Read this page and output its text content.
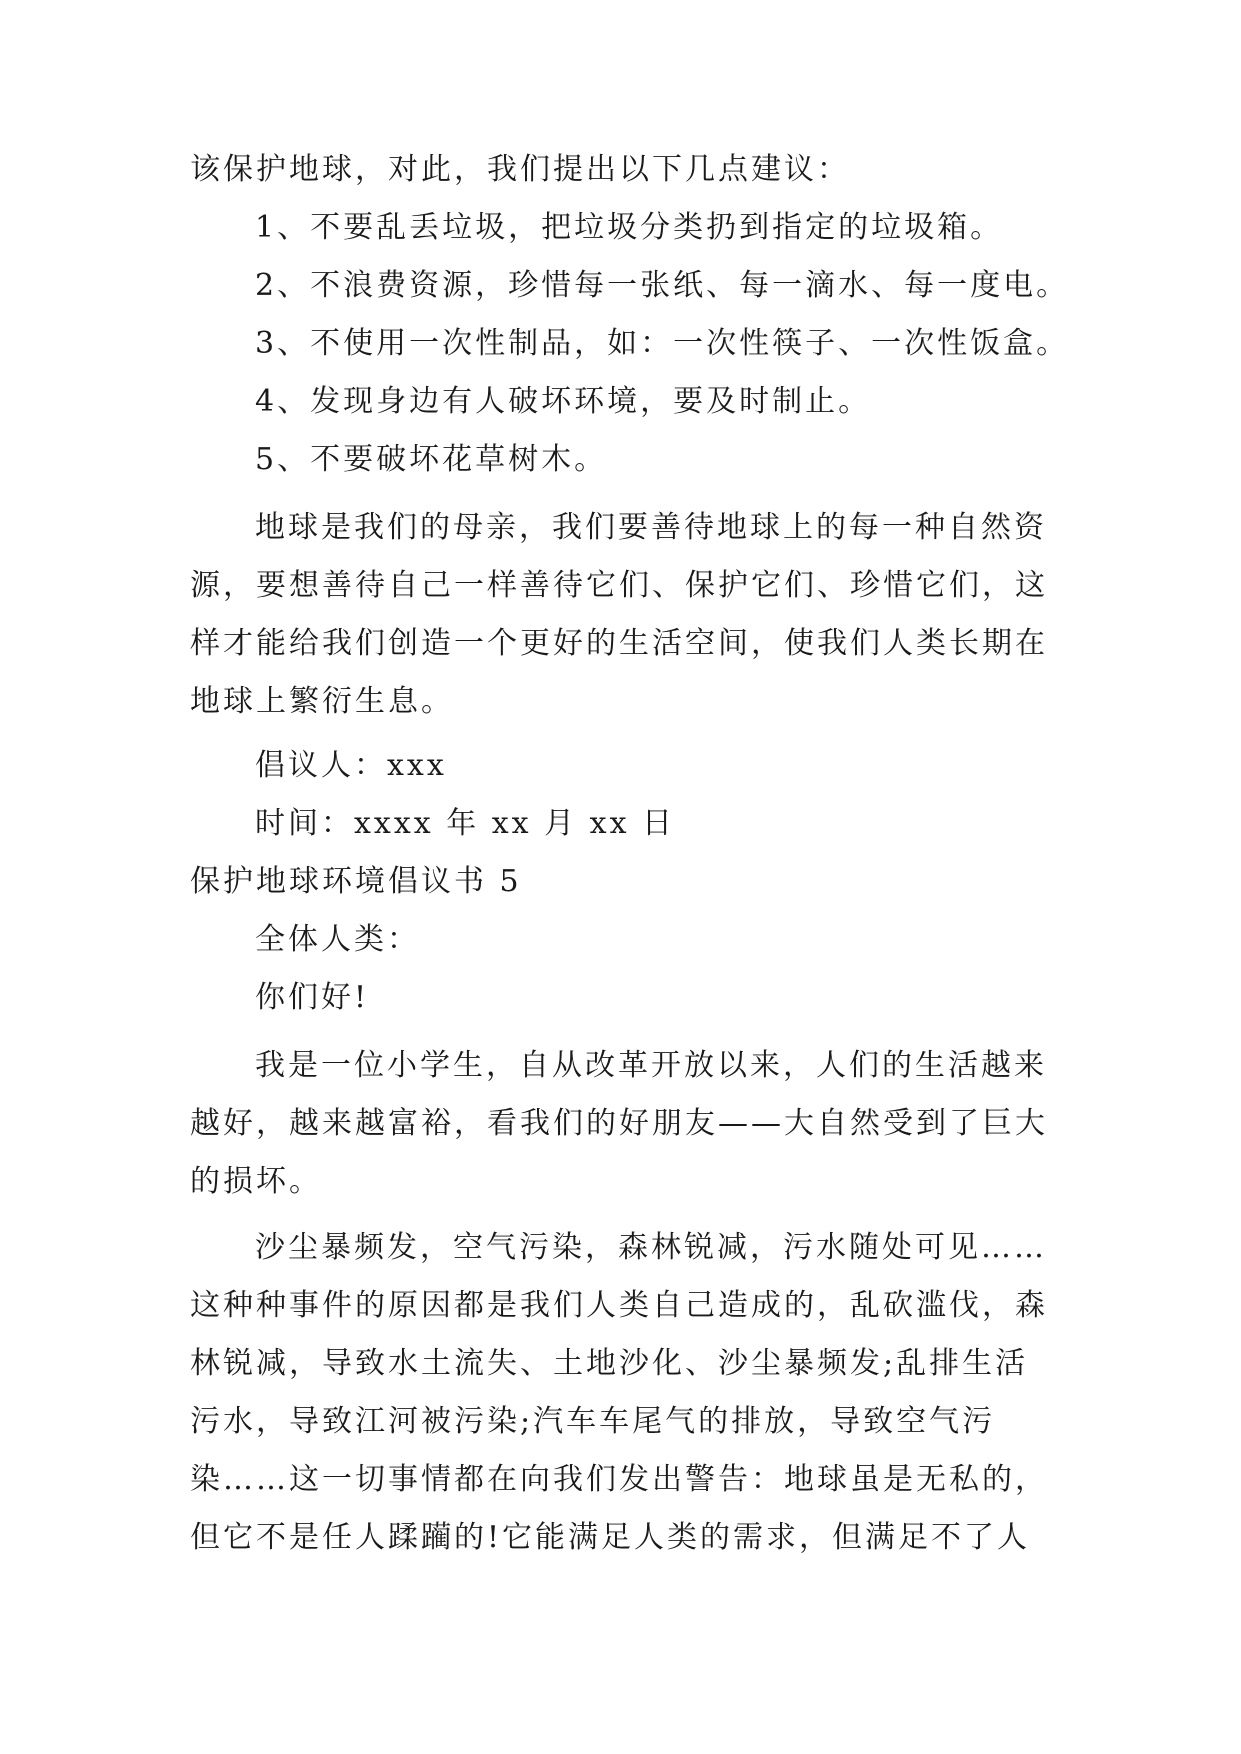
该保护地球，对此，我们提出以下几点建议：
1、不要乱丢垃圾，把垃圾分类扔到指定的垃圾箱。
2、不浪费资源，珍惜每一张纸、每一滴水、每一度电。
3、不使用一次性制品，如：一次性筷子、一次性饭盒。
4、发现身边有人破坏环境，要及时制止。
5、不要破坏花草树木。
地球是我们的母亲，我们要善待地球上的每一种自然资
源，要想善待自己一样善待它们、保护它们、珍惜它们，这
样才能给我们创造一个更好的生活空间，使我们人类长期在
地球上繁衍生息。
倡议人：xxx
时间：xxxx 年 xx 月 xx 日
保护地球环境倡议书 5
全体人类：
你们好!
我是一位小学生，自从改革开放以来，人们的生活越来
越好，越来越富裕，看我们的好朋友——大自然受到了巨大
的损坏。
沙尘暴频发，空气污染，森林锐减，污水随处可见……
这种种事件的原因都是我们人类自己造成的，乱砍滥伐，森
林锐减，导致水土流失、土地沙化、沙尘暴频发;乱排生活
污水，导致江河被污染;汽车车尾气的排放，导致空气污
染……这一切事情都在向我们发出警告：地球虽是无私的，
但它不是任人蹂躏的!它能满足人类的需求，但满足不了人
